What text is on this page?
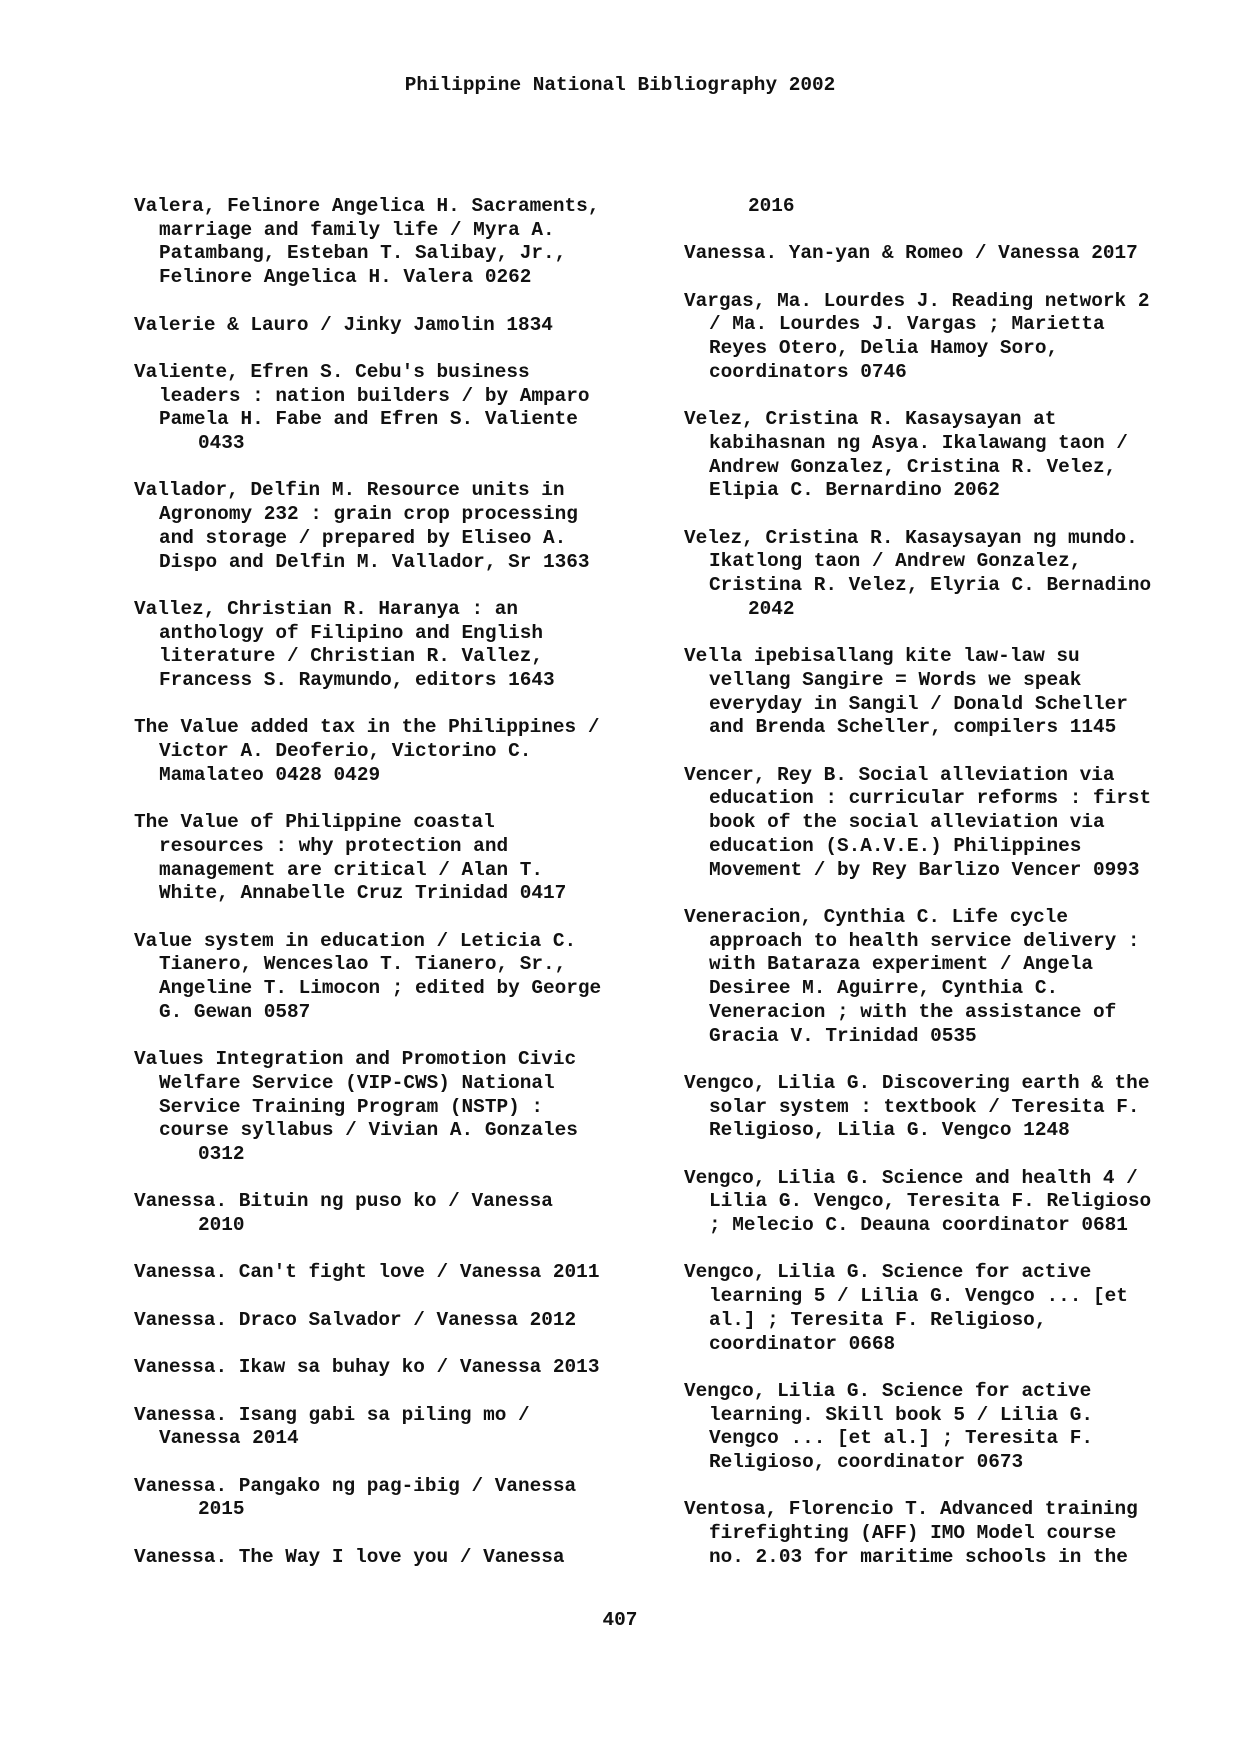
Philippine National Bibliography 2002
Valera, Felinore Angelica H. Sacraments,
marriage and family life / Myra A.
Patambang, Esteban T. Salibay, Jr.,
Felinore Angelica H. Valera 0262
Valerie & Lauro / Jinky Jamolin 1834
Valiente, Efren S. Cebu's business
leaders : nation builders / by Amparo
Pamela H. Fabe and Efren S. Valiente
0433
Vallador, Delfin M. Resource units in
Agronomy 232 : grain crop processing
and storage / prepared by Eliseo A.
Dispo and Delfin M. Vallador, Sr 1363
Vallez, Christian R. Haranya : an
anthology of Filipino and English
literature / Christian R. Vallez,
Francess S. Raymundo, editors 1643
The Value added tax in the Philippines /
Victor A. Deoferio, Victorino C.
Mamalateo 0428 0429
The Value of Philippine coastal
resources : why protection and
management are critical / Alan T.
White, Annabelle Cruz Trinidad 0417
Value system in education / Leticia C.
Tianero, Wenceslao T. Tianero, Sr.,
Angeline T. Limocon ; edited by George
G. Gewan 0587
Values Integration and Promotion Civic
Welfare Service (VIP-CWS) National
Service Training Program (NSTP) :
course syllabus / Vivian A. Gonzales
0312
Vanessa. Bituin ng puso ko / Vanessa
2010
Vanessa. Can't fight love / Vanessa 2011
Vanessa. Draco Salvador / Vanessa 2012
Vanessa. Ikaw sa buhay ko / Vanessa 2013
Vanessa. Isang gabi sa piling mo /
Vanessa 2014
Vanessa. Pangako ng pag-ibig / Vanessa
2015
Vanessa. The Way I love you / Vanessa
2016
Vanessa. Yan-yan & Romeo / Vanessa 2017
Vargas, Ma. Lourdes J. Reading network 2
/ Ma. Lourdes J. Vargas ; Marietta
Reyes Otero, Delia Hamoy Soro,
coordinators 0746
Velez, Cristina R. Kasaysayan at
kabihasnan ng Asya. Ikalawang taon /
Andrew Gonzalez, Cristina R. Velez,
Elipia C. Bernardino 2062
Velez, Cristina R. Kasaysayan ng mundo.
Ikatlong taon / Andrew Gonzalez,
Cristina R. Velez, Elyria C. Bernadino
2042
Vella ipebisallang kite law-law su
vellang Sangire = Words we speak
everyday in Sangil / Donald Scheller
and Brenda Scheller, compilers 1145
Vencer, Rey B. Social alleviation via
education : curricular reforms : first
book of the social alleviation via
education (S.A.V.E.) Philippines
Movement / by Rey Barlizo Vencer 0993
Veneracion, Cynthia C. Life cycle
approach to health service delivery :
with Bataraza experiment / Angela
Desiree M. Aguirre, Cynthia C.
Veneracion ; with the assistance of
Gracia V. Trinidad 0535
Vengco, Lilia G. Discovering earth & the
solar system : textbook / Teresita F.
Religioso, Lilia G. Vengco 1248
Vengco, Lilia G. Science and health 4 /
Lilia G. Vengco, Teresita F. Religioso
; Melecio C. Deauna coordinator 0681
Vengco, Lilia G. Science for active
learning 5 / Lilia G. Vengco ... [et
al.] ; Teresita F. Religioso,
coordinator 0668
Vengco, Lilia G. Science for active
learning. Skill book 5 / Lilia G.
Vengco ... [et al.] ; Teresita F.
Religioso, coordinator 0673
Ventosa, Florencio T. Advanced training
firefighting (AFF) IMO Model course
no. 2.03 for maritime schools in the
407
